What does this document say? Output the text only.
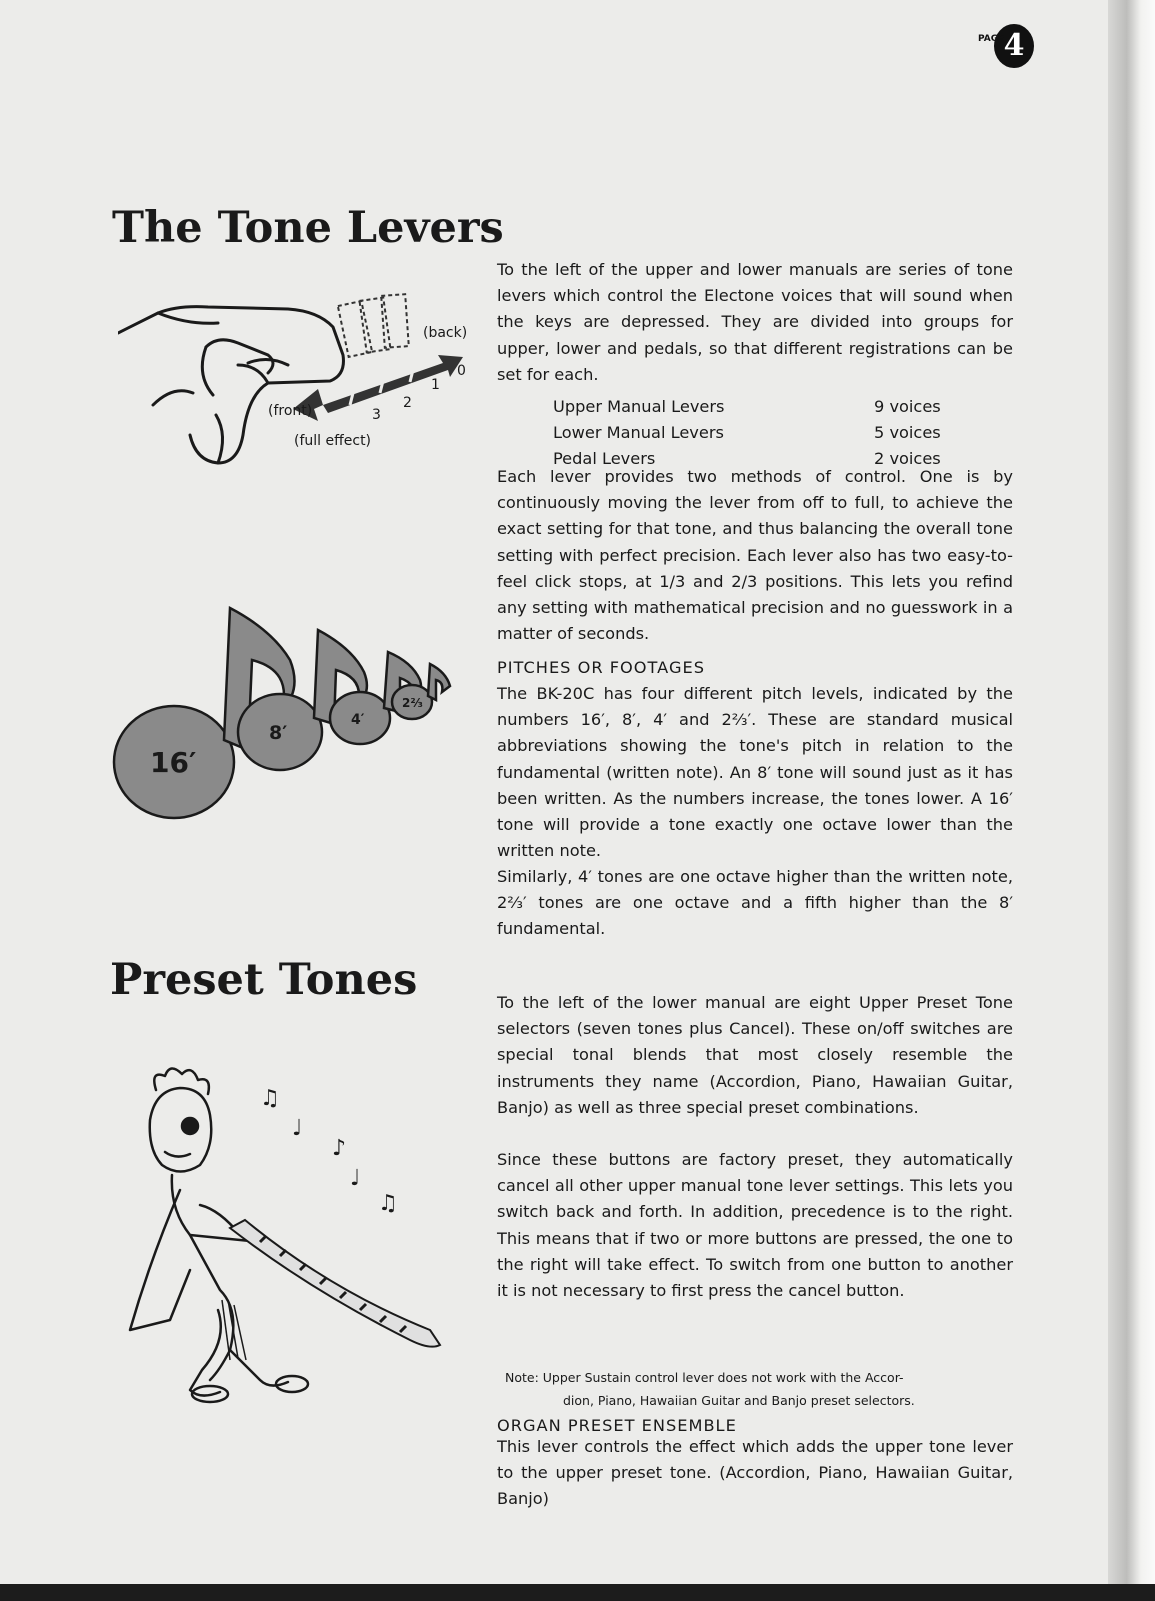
PAGE 4
The Tone Levers
(back)
0
1
2
3
(front)
(full effect)

To the left of the upper and lower manuals are series of tone levers which control the Electone voices that will sound when the keys are depressed. They are divided into groups for upper, lower and pedals, so that different registrations can be set for each.

Upper Manual Levers	9 voices
Lower Manual Levers	5 voices
Pedal Levers	2 voices

Each lever provides two methods of control. One is by continuously moving the lever from off to full, to achieve the exact setting for that tone, and thus balancing the overall tone setting with perfect precision. Each lever also has two easy-to-feel click stops, at 1/3 and 2/3 positions. This lets you refind any setting with mathematical precision and no guesswork in a matter of seconds.

16′
8′
4′
2⅔
PITCHES OR FOOTAGES

The BK-20C has four different pitch levels, indicated by the numbers 16′, 8′, 4′ and 2⅔′. These are standard musical abbreviations showing the tone's pitch in relation to the fundamental (written note). An 8′ tone will sound just as it has been written. As the numbers increase, the tones lower. A 16′ tone will provide a tone exactly one octave lower than the written note.

Similarly, 4′ tones are one octave higher than the written note, 2⅔′ tones are one octave and a fifth higher than the 8′ fundamental.

Preset Tones
♫
♩
♪
♩
♫

To the left of the lower manual are eight Upper Preset Tone selectors (seven tones plus Cancel). These on/off switches are special tonal blends that most closely resemble the instruments they name (Accordion, Piano, Hawaiian Guitar, Banjo) as well as three special preset combinations.

Since these buttons are factory preset, they automatically cancel all other upper manual tone lever settings. This lets you switch back and forth. In addition, precedence is to the right. This means that if two or more buttons are pressed, the one to the right will take effect. To switch from one button to another it is not necessary to first press the cancel button.

Note: Upper Sustain control lever does not work with the Accor-
dion, Piano, Hawaiian Guitar and Banjo preset selectors.
ORGAN PRESET ENSEMBLE

This lever controls the effect which adds the upper tone lever to the upper preset tone. (Accordion, Piano, Hawaiian Guitar, Banjo)
